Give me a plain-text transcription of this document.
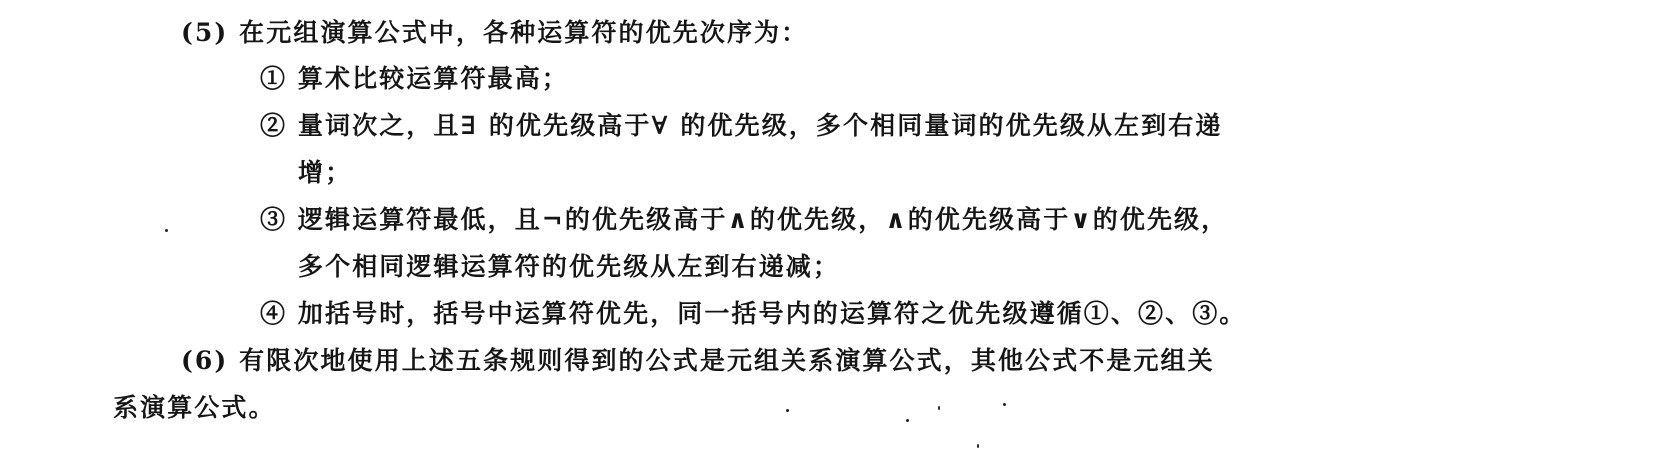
(5) 在元组演算公式中，各种运算符的优先次序为：
① 算术比较运算符最高；
② 量词次之，且∃ 的优先级高于∀ 的优先级，多个相同量词的优先级从左到右递
增；
③ 逻辑运算符最低，且¬的优先级高于∧的优先级，∧的优先级高于∨的优先级，
多个相同逻辑运算符的优先级从左到右递减；
④ 加括号时，括号中运算符优先，同一括号内的运算符之优先级遵循①、②、③。
(6) 有限次地使用上述五条规则得到的公式是元组关系演算公式，其他公式不是元组关
系演算公式。
